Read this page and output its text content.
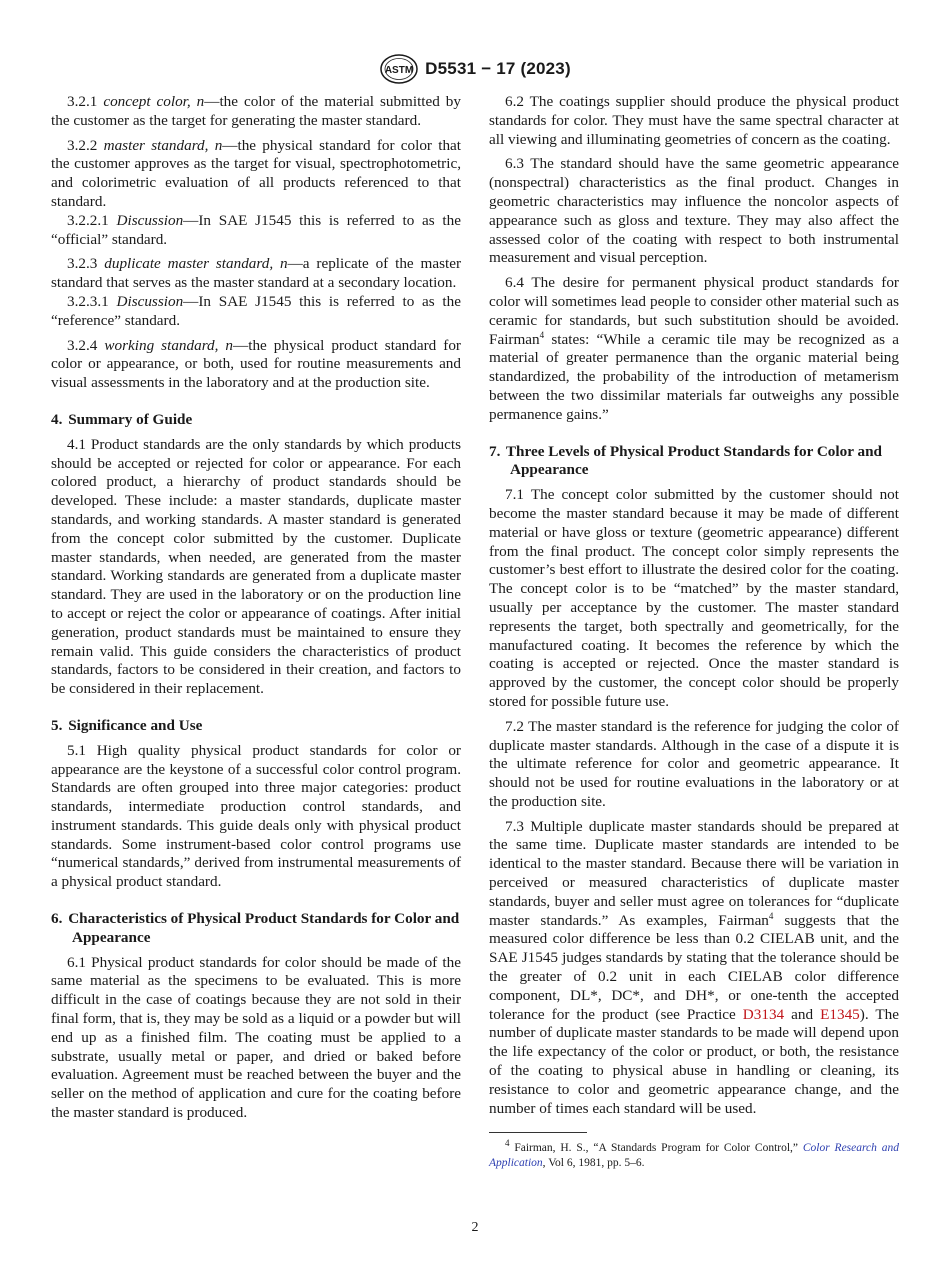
ASTM D5531 − 17 (2023)

3.2.1 concept color, n—the color of the material submitted by the customer as the target for generating the master standard.

3.2.2 master standard, n—the physical standard for color that the customer approves as the target for visual, spectrophotometric, and colorimetric evaluation of all products referenced to that standard.

3.2.2.1 Discussion—In SAE J1545 this is referred to as the “official” standard.

3.2.3 duplicate master standard, n—a replicate of the master standard that serves as the master standard at a secondary location.

3.2.3.1 Discussion—In SAE J1545 this is referred to as the “reference” standard.

3.2.4 working standard, n—the physical product standard for color or appearance, or both, used for routine measurements and visual assessments in the laboratory and at the production site.

4. Summary of Guide

4.1 Product standards are the only standards by which products should be accepted or rejected for color or appearance. For each colored product, a hierarchy of product standards should be developed. These include: a master standards, duplicate master standards, and working standards. A master standard is generated from the concept color submitted by the customer. Duplicate master standards, when needed, are generated from the master standard. Working standards are generated from a duplicate master standard. They are used in the laboratory or on the production line to accept or reject the color or appearance of coatings. After initial generation, product standards must be maintained to ensure they remain valid. This guide considers the characteristics of product standards, factors to be considered in their creation, and factors to be considered in their replacement.

5. Significance and Use

5.1 High quality physical product standards for color or appearance are the keystone of a successful color control program. Standards are often grouped into three major categories: product standards, intermediate production control standards, and instrument standards. This guide deals only with physical product standards. Some instrument-based color control programs use “numerical standards,” derived from instrumental measurements of a physical product standard.

6. Characteristics of Physical Product Standards for Color and Appearance

6.1 Physical product standards for color should be made of the same material as the specimens to be evaluated. This is more difficult in the case of coatings because they are not sold in their final form, that is, they may be sold as a liquid or a powder but will end up as a finished film. The coating must be applied to a substrate, usually metal or paper, and dried or baked before evaluation. Agreement must be reached between the buyer and the seller on the method of application and cure for the coating before the master standard is produced.

6.2 The coatings supplier should produce the physical product standards for color. They must have the same spectral character at all viewing and illuminating geometries of concern as the coating.

6.3 The standard should have the same geometric appearance (nonspectral) characteristics as the final product. Changes in geometric characteristics may influence the noncolor aspects of appearance such as gloss and texture. They may also affect the assessed color of the coating with respect to both instrumental measurement and visual perception.

6.4 The desire for permanent physical product standards for color will sometimes lead people to consider other material such as ceramic for standards, but such substitution should be avoided. Fairman$^4$ states: “While a ceramic tile may be recognized as a material of greater permanence than the organic material being standardized, the probability of the introduction of metamerism between the two dissimilar materials far outweighs any possible permanence gains.”

7. Three Levels of Physical Product Standards for Color and Appearance

7.1 The concept color submitted by the customer should not become the master standard because it may be made of different material or have gloss or texture (geometric appearance) different from the final product. The concept color simply represents the customer’s best effort to illustrate the desired color for the coating. The concept color is to be “matched” by the master standard, usually per acceptance by the customer. The master standard represents the target, both spectrally and geometrically, for the manufactured coating. It becomes the reference by which the coating is accepted or rejected. Once the master standard is approved by the customer, the concept color should be properly stored for possible future use.

7.2 The master standard is the reference for judging the color of duplicate master standards. Although in the case of a dispute it is the ultimate reference for color and geometric appearance. It should not be used for routine evaluations in the laboratory or at the production site.

7.3 Multiple duplicate master standards should be prepared at the same time. Duplicate master standards are intended to be identical to the master standard. Because there will be variation in perceived or measured characteristics of duplicate master standards, buyer and seller must agree on tolerances for “duplicate master standards.” As examples, Fairman$^4$ suggests that the measured color difference be less than 0.2 CIELAB unit, and the SAE J1545 judges standards by stating that the tolerance should be the greater of 0.2 unit in each CIELAB color difference component, DL*, DC*, and DH*, or one-tenth the accepted tolerance for the product (see Practice D3134 and E1345). The number of duplicate master standards to be made will depend upon the life expectancy of the color or product, or both, the resistance of the coating to physical abuse in handling or cleaning, its resistance to color and geometric appearance change, and the number of times each standard will be used.

$^4$ Fairman, H. S., “A Standards Program for Color Control,” Color Research and Application, Vol 6, 1981, pp. 5–6.

2
